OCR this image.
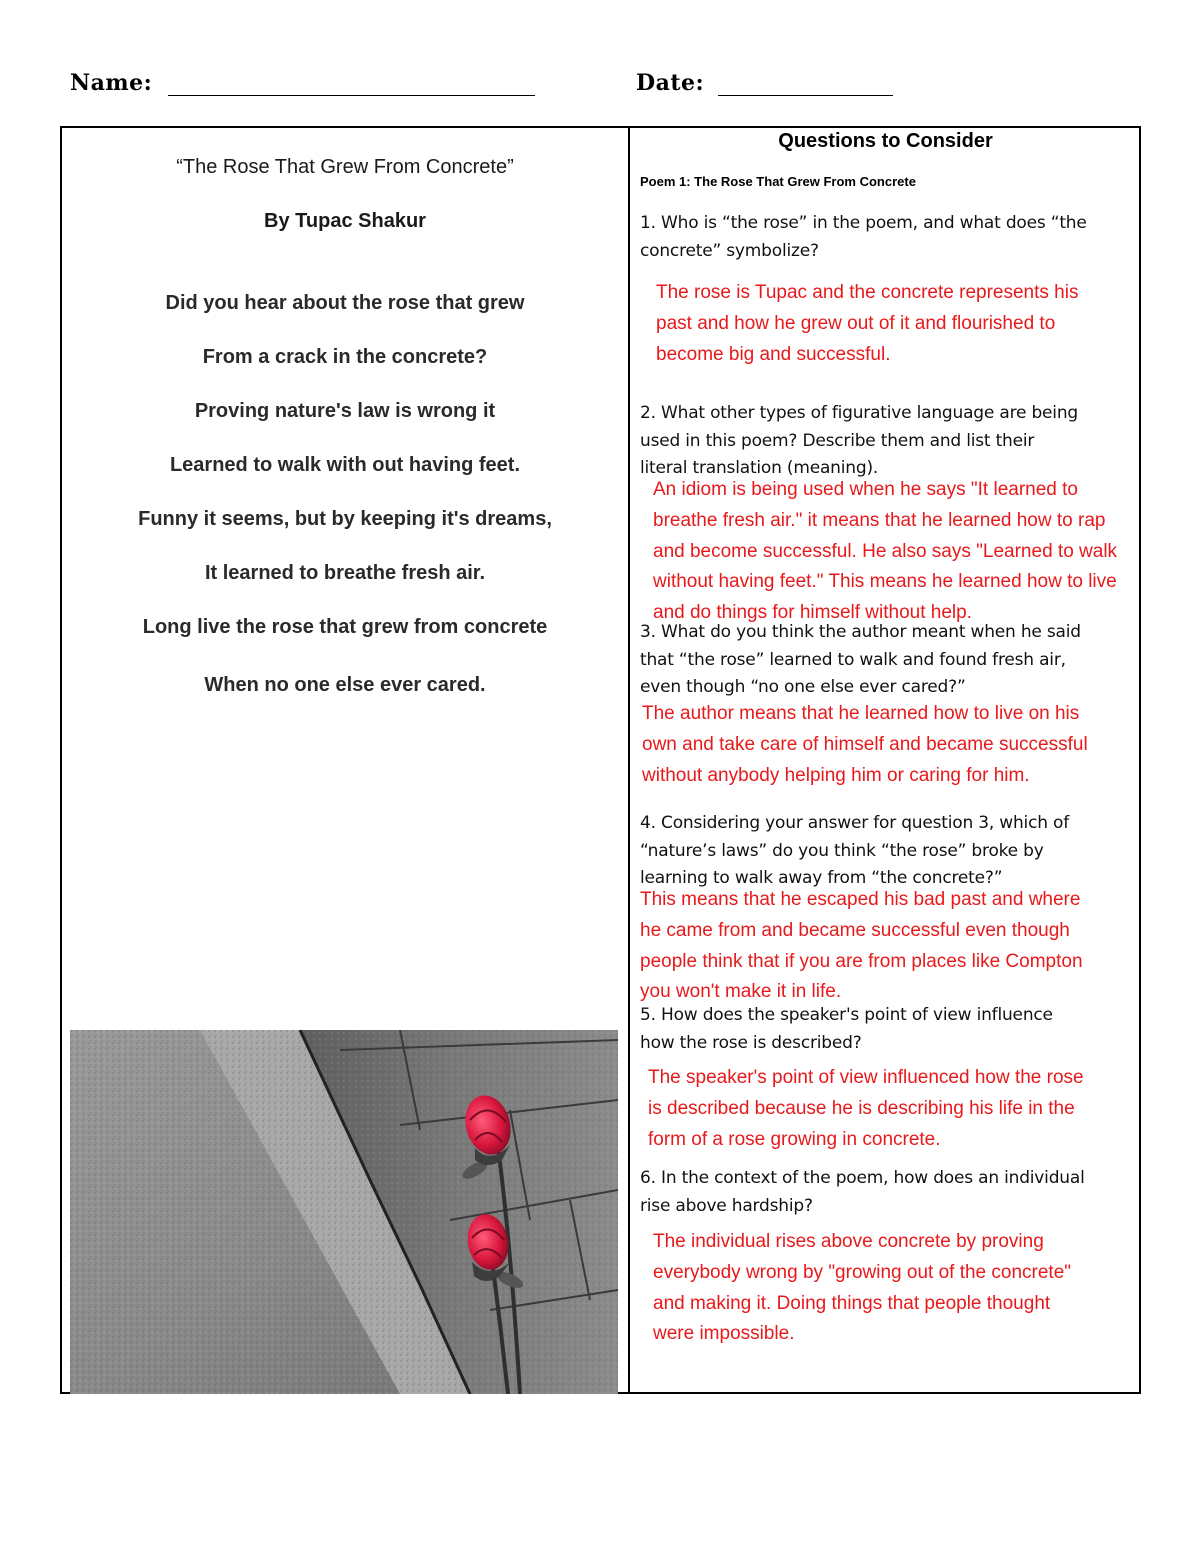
Name:	Date:
“The Rose That Grew From Concrete”
By Tupac Shakur
Did you hear about the rose that grew
From a crack in the concrete?
Proving nature's law is wrong it
Learned to walk with out having feet.
Funny it seems, but by keeping it's dreams,
It learned to breathe fresh air.
Long live the rose that grew from concrete
When no one else ever cared.
Questions to Consider
Poem 1: The Rose That Grew From Concrete
1. Who is “the rose” in the poem, and what does “the
concrete” symbolize?
The rose is Tupac and the concrete represents his
past and how he grew out of it and flourished to
become big and successful.
2. What other types of figurative language are being
used in this poem? Describe them and list their
literal translation (meaning).
An idiom is being used when he says "It learned to
breathe fresh air." it means that he learned how to rap
and become successful. He also says "Learned to walk
without having feet." This means he learned how to live
and do things for himself without help.
3. What do you think the author meant when he said
that “the rose” learned to walk and found fresh air,
even though “no one else ever cared?”
The author means that he learned how to live on his
own and take care of himself and became successful
without anybody helping him or caring for him.
4. Considering your answer for question 3, which of
“nature’s laws” do you think “the rose” broke by
learning to walk away from “the concrete?”
This means that he escaped his bad past and where
he came from and became successful even though
people think that if you are from places like Compton
you won't make it in life.
5. How does the speaker's point of view influence
how the rose is described?
The speaker's point of view influenced how the rose
is described because he is describing his life in the
form of a rose growing in concrete.
6. In the context of the poem, how does an individual
rise above hardship?
The individual rises above concrete by proving
everybody wrong by "growing out of the concrete"
and making it. Doing things that people thought
were impossible.
